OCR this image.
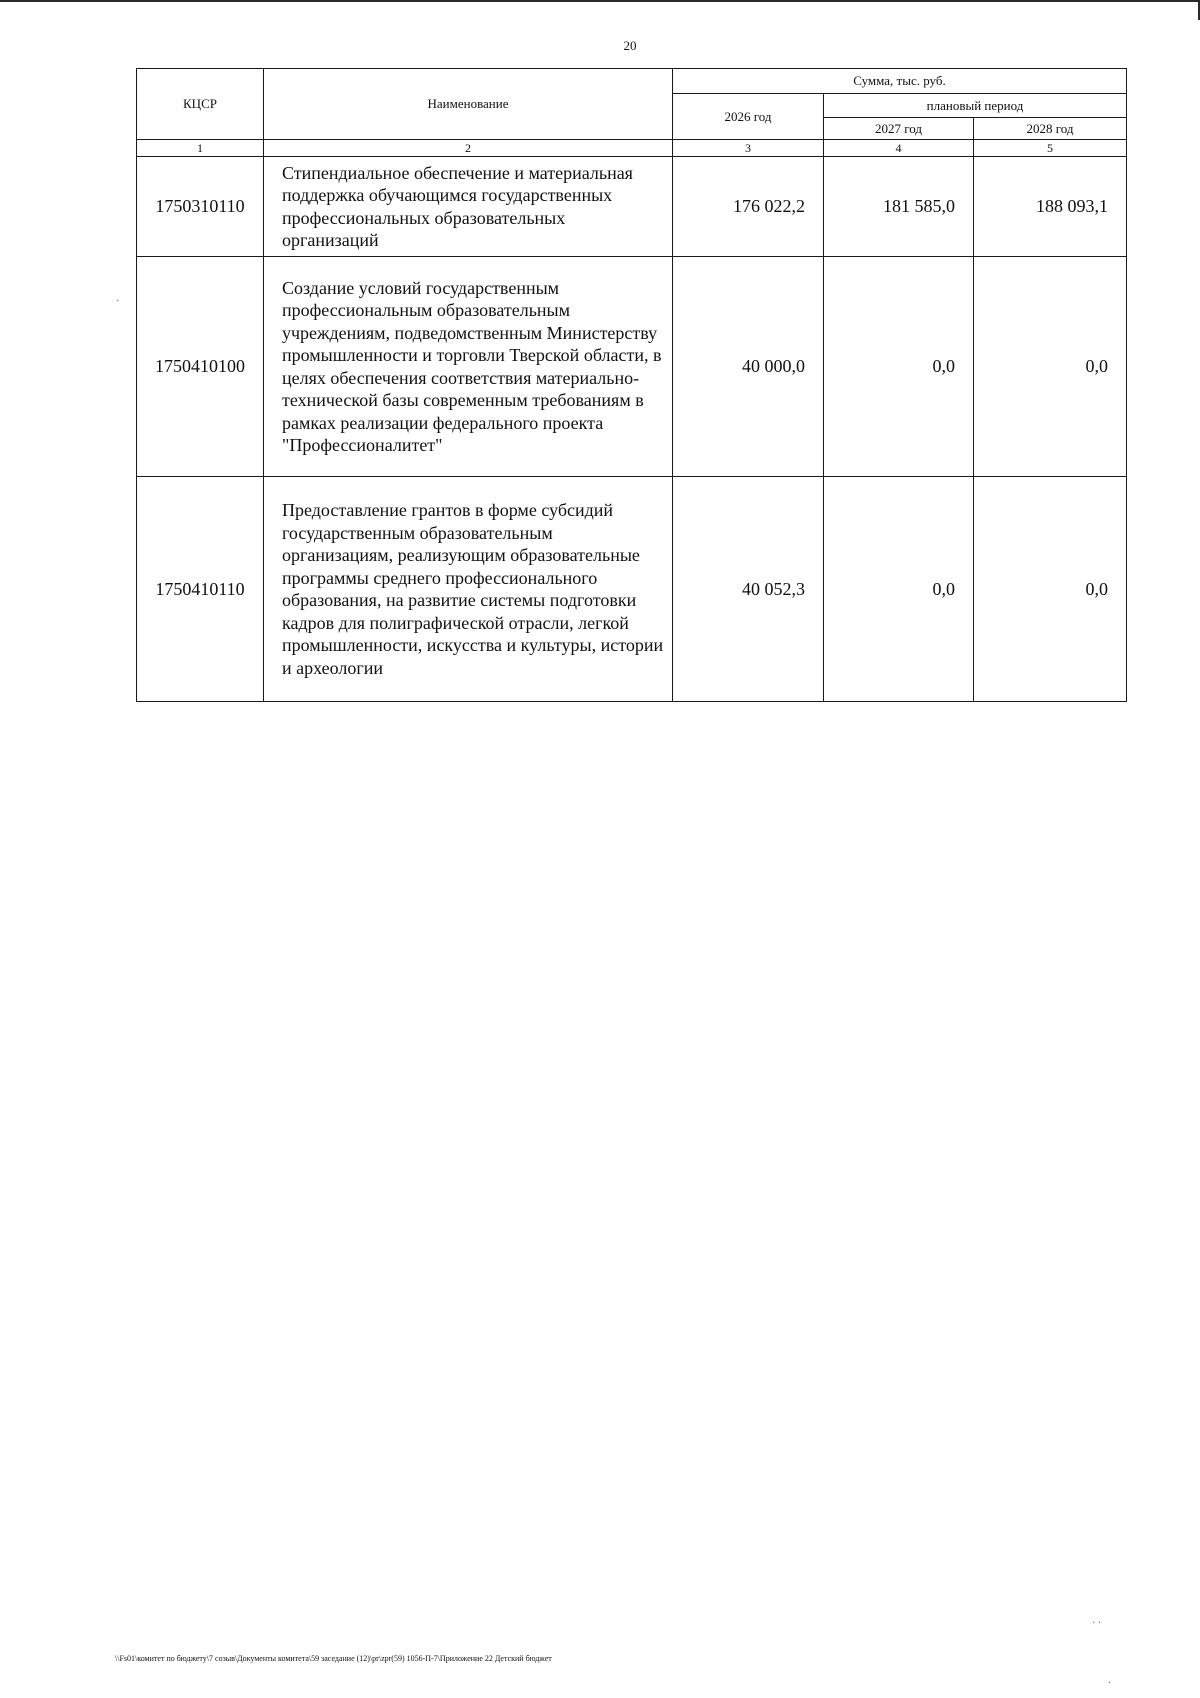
20
КЦСР	Наименование	Сумма, тыс. руб.		
		2026 год	плановый период	
			2027 год	2028 год
1	2	3	4	5
1750310110	Стипендиальное обеспечение и материальная поддержка обучающимся государственных профессиональных образовательных организаций	176 022,2	181 585,0	188 093,1
1750410100	Создание условий государственным профессиональным образовательным учреждениям, подведомственным Министерству промышленности и торговли Тверской области, в целях обеспечения соответствия материально-технической базы современным требованиям в рамках реализации федерального проекта "Профессионалитет"	40 000,0	0,0	0,0
1750410110	Предоставление грантов в форме субсидий государственным образовательным организациям, реализующим образовательные программы среднего профессионального образования, на развитие системы подготовки кадров для полиграфической отрасли, легкой промышленности, искусства и культуры, истории и археологии	40 052,3	0,0	0,0
·
· ·
·
\\Fs01\комитет по бюджету\7 созыв\Документы комитета\59 заседание (12)\pr\zpr(59) 1056-П-7\Приложение 22 Детский бюджет
